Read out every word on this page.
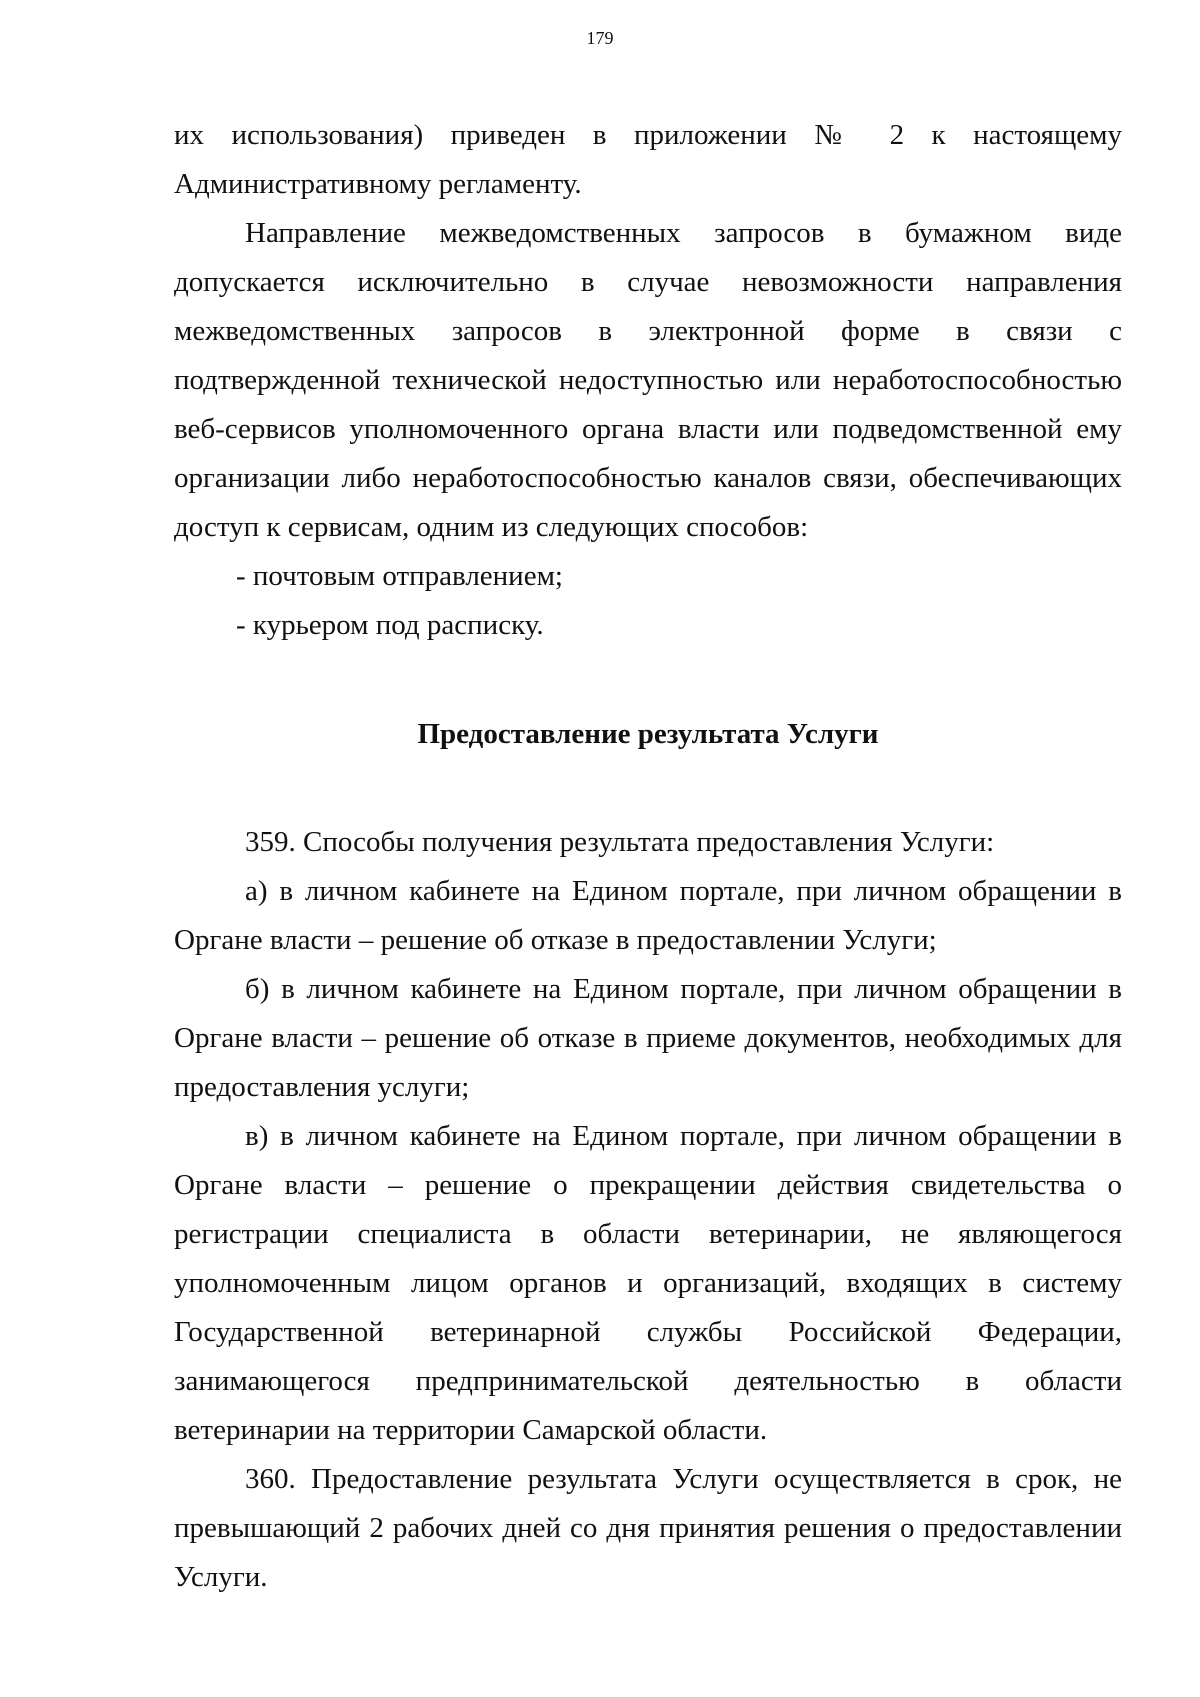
179

их использования) приведен в приложении № 2 к настоящему Административному регламенту.

Направление межведомственных запросов в бумажном виде допускается исключительно в случае невозможности направления межведомственных запросов в электронной форме в связи с подтвержденной технической недоступностью или неработоспособностью веб-сервисов уполномоченного органа власти или подведомственной ему организации либо неработоспособностью каналов связи, обеспечивающих доступ к сервисам, одним из следующих способов:

- почтовым отправлением;

- курьером под расписку.

Предоставление результата Услуги

359. Способы получения результата предоставления Услуги:

а) в личном кабинете на Едином портале, при личном обращении в Органе власти – решение об отказе в предоставлении Услуги;

б) в личном кабинете на Едином портале, при личном обращении в Органе власти – решение об отказе в приеме документов, необходимых для предоставления услуги;

в) в личном кабинете на Едином портале, при личном обращении в Органе власти – решение о прекращении действия свидетельства о регистрации специалиста в области ветеринарии, не являющегося уполномоченным лицом органов и организаций, входящих в систему Государственной ветеринарной службы Российской Федерации, занимающегося предпринимательской деятельностью в области ветеринарии на территории Самарской области.

360. Предоставление результата Услуги осуществляется в срок, не превышающий 2 рабочих дней со дня принятия решения о предоставлении Услуги.
